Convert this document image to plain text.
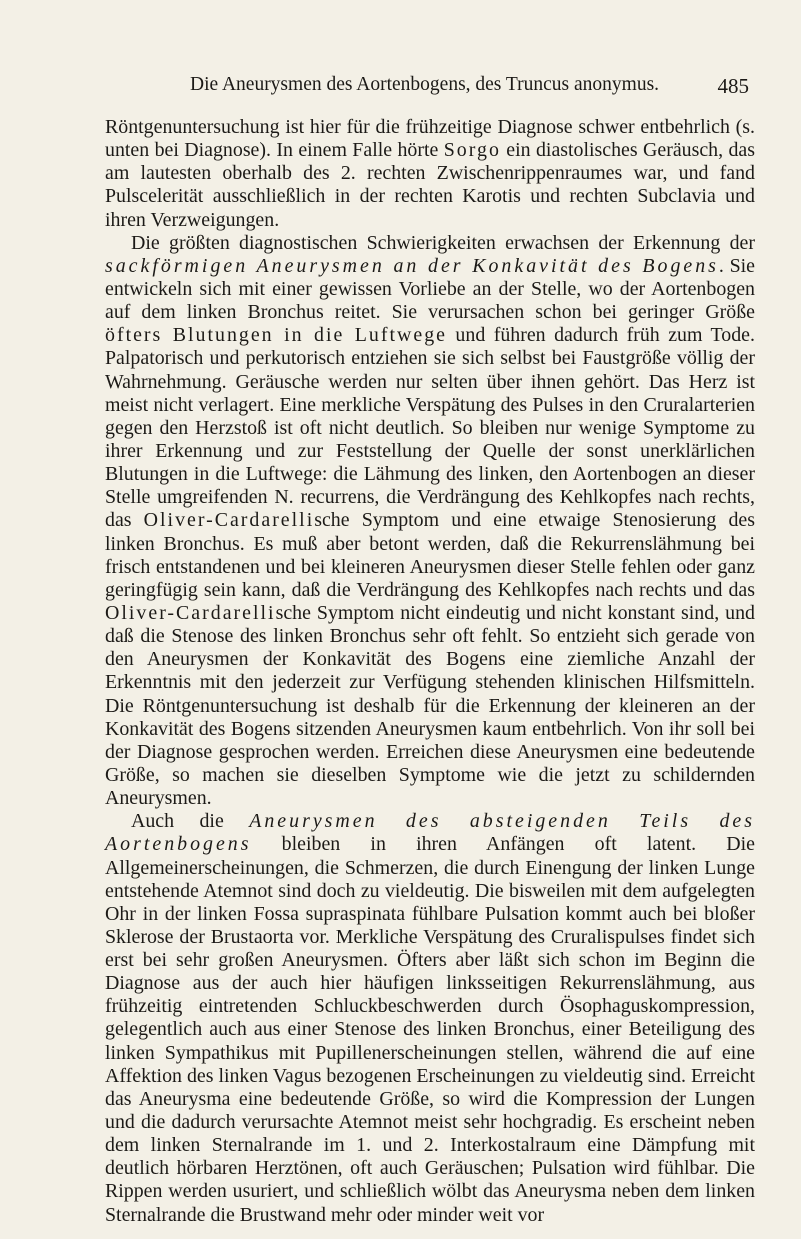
Die Aneurysmen des Aortenbogens, des Truncus anonymus.	485

Röntgenuntersuchung ist hier für die frühzeitige Diagnose schwer entbehrlich (s. unten bei Diagnose). In einem Falle hörte Sorgo ein diastolisches Geräusch, das am lautesten oberhalb des 2. rechten Zwischenrippenraumes war, und fand Pulscelerität ausschließlich in der rechten Karotis und rechten Subclavia und ihren Verzweigungen.

Die größten diagnostischen Schwierigkeiten erwachsen der Erkennung der sackförmigen Aneurysmen an der Konkavität des Bogens. Sie entwickeln sich mit einer gewissen Vorliebe an der Stelle, wo der Aortenbogen auf dem linken Bronchus reitet. Sie verursachen schon bei geringer Größe öfters Blutungen in die Luftwege und führen dadurch früh zum Tode. Palpatorisch und perkutorisch entziehen sie sich selbst bei Faustgröße völlig der Wahrnehmung. Geräusche werden nur selten über ihnen gehört. Das Herz ist meist nicht verlagert. Eine merkliche Verspätung des Pulses in den Cruralarterien gegen den Herzstoß ist oft nicht deutlich. So bleiben nur wenige Symptome zu ihrer Erkennung und zur Feststellung der Quelle der sonst unerklärlichen Blutungen in die Luftwege: die Lähmung des linken, den Aortenbogen an dieser Stelle umgreifenden N. recurrens, die Verdrängung des Kehlkopfes nach rechts, das Oliver-Cardarellische Symptom und eine etwaige Stenosierung des linken Bronchus. Es muß aber betont werden, daß die Rekurrenslähmung bei frisch entstandenen und bei kleineren Aneurysmen dieser Stelle fehlen oder ganz geringfügig sein kann, daß die Verdrängung des Kehlkopfes nach rechts und das Oliver-Cardarellische Symptom nicht eindeutig und nicht konstant sind, und daß die Stenose des linken Bronchus sehr oft fehlt. So entzieht sich gerade von den Aneurysmen der Konkavität des Bogens eine ziemliche Anzahl der Erkenntnis mit den jederzeit zur Verfügung stehenden klinischen Hilfsmitteln. Die Röntgenuntersuchung ist deshalb für die Erkennung der kleineren an der Konkavität des Bogens sitzenden Aneurysmen kaum entbehrlich. Von ihr soll bei der Diagnose gesprochen werden. Erreichen diese Aneurysmen eine bedeutende Größe, so machen sie dieselben Symptome wie die jetzt zu schildernden Aneurysmen.

Auch die Aneurysmen des absteigenden Teils des Aortenbogens bleiben in ihren Anfängen oft latent. Die Allgemeinerscheinungen, die Schmerzen, die durch Einengung der linken Lunge entstehende Atemnot sind doch zu vieldeutig. Die bisweilen mit dem aufgelegten Ohr in der linken Fossa supraspinata fühlbare Pulsation kommt auch bei bloßer Sklerose der Brustaorta vor. Merkliche Verspätung des Cruralispulses findet sich erst bei sehr großen Aneurysmen. Öfters aber läßt sich schon im Beginn die Diagnose aus der auch hier häufigen linksseitigen Rekurrenslähmung, aus frühzeitig eintretenden Schluckbeschwerden durch Ösophaguskompression, gelegentlich auch aus einer Stenose des linken Bronchus, einer Beteiligung des linken Sympathikus mit Pupillenerscheinungen stellen, während die auf eine Affektion des linken Vagus bezogenen Erscheinungen zu vieldeutig sind. Erreicht das Aneurysma eine bedeutende Größe, so wird die Kompression der Lungen und die dadurch verursachte Atemnot meist sehr hochgradig. Es erscheint neben dem linken Sternalrande im 1. und 2. Interkostalraum eine Dämpfung mit deutlich hörbaren Herztönen, oft auch Geräuschen; Pulsation wird fühlbar. Die Rippen werden usuriert, und schließlich wölbt das Aneurysma neben dem linken Sternalrande die Brustwand mehr oder minder weit vor
